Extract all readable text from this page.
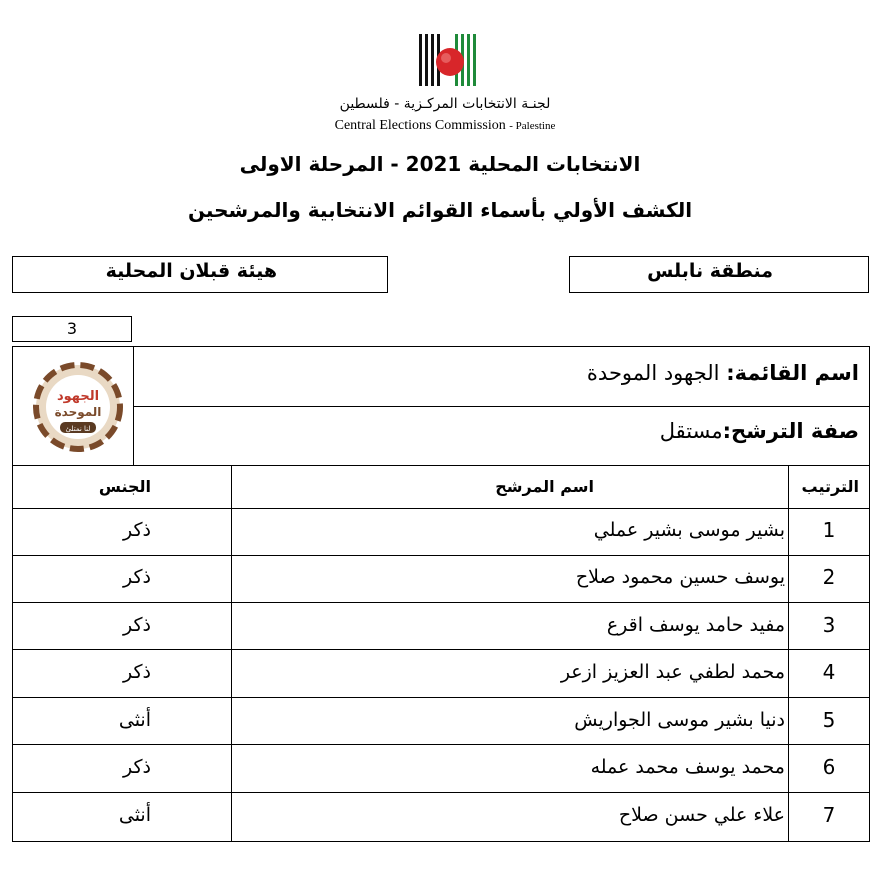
لجنـة الانتخابات المركـزية - فلسطين
Central Elections Commission - Palestine
الانتخابات المحلية 2021 - المرحلة الاولى
الكشف الأولي بأسماء القوائم الانتخابية والمرشحين
منطقة نابلس
هيئة قبلان المحلية
3
الجهود
الموحدة
لنا نمتلئ
اسم القائمة: الجهود الموحدة
صفة الترشح:مستقل
الترتيب
اسم المرشح
الجنس
1
بشير موسى بشير عملي
ذكر
2
يوسف حسين محمود صلاح
ذكر
3
مفيد حامد يوسف اقرع
ذكر
4
محمد لطفي عبد العزيز ازعر
ذكر
5
دنيا بشير موسى الجواريش
أنثى
6
محمد يوسف محمد عمله
ذكر
7
علاء علي حسن صلاح
أنثى
